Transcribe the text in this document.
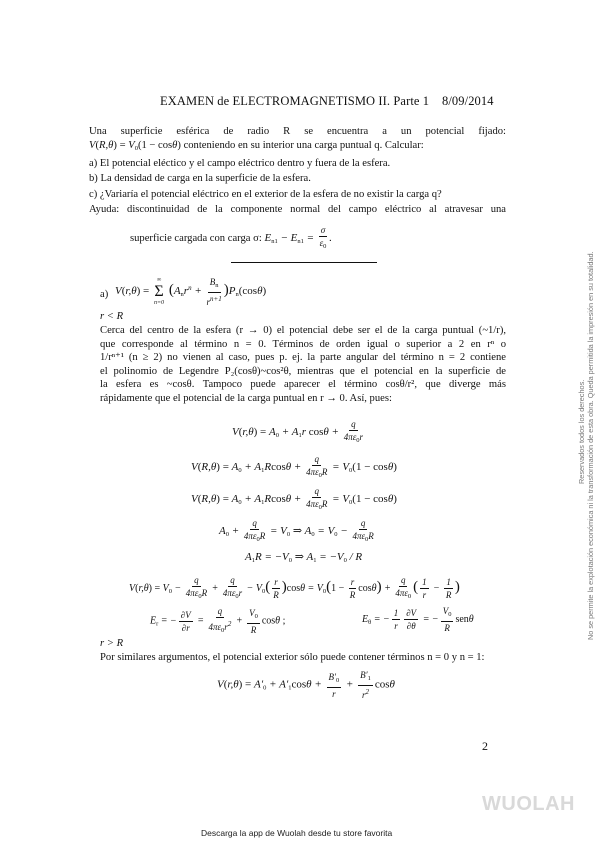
EXAMEN de ELECTROMAGNETISMO II. Parte 1 8/09/2014
Una superficie esférica de radio R se encuentra a un potencial fijado:
$V(R,\theta) = V_0(1 - \cos\theta)$ conteniendo en su interior una carga puntual q. Calcular:
a) El potencial eléctico y el campo eléctrico dentro y fuera de la esfera.
b) La densidad de carga en la superficie de la esfera.
c) ¿Variaría el potencial eléctrico en el exterior de la esfera de no existir la carga q?
Ayuda: discontinuidad de la componente normal del campo eléctrico al atravesar una
superficie cargada con carga σ: $E_{n1} - E_{n1} = \frac{\sigma}{\varepsilon_0}$ .
a) V(r,θ) =
∞
Σ
n=0
$(A_nr^n + \frac{B_n}{r^{n+1}} )P_n(\cos\theta)$
r < R
Cerca del centro de la esfera (r → 0) el potencial debe ser el de la carga puntual (~1/r),
que corresponde al término n = 0. Términos de orden igual o superior a 2 en rⁿ o
1/rⁿ⁺¹ (n ≥ 2) no vienen al caso, pues p. ej. la parte angular del término n = 2 contiene
el polinomio de Legendre P₂(cosθ)~cos²θ, mientras que el potencial en la superficie de
la esfera es ~cosθ. Tampoco puede aparecer el término cosθ/r², que diverge más
rápidamente que el potencial de la carga puntual en r → 0. Así, pues:
$V(r,\theta) = A_0 + A_1r$ $\cos\theta + \frac{q}{4\pi\varepsilon_0r}$
$V(R,\theta) = A_0 + A_1Rcos\theta + \frac{q}{4\pi\varepsilon_0R} = V_0(1 - \cos\theta)$
$V(R,\theta) = A_0 + A_1Rcos\theta + \frac{q}{4\pi\varepsilon_0R} = V_0(1 - \cos\theta)$
$A_0 + \frac{q}{4\pi\varepsilon_0R} = V_0$ ⇒ $A_0 = V_0 - \frac{q}{4\pi\varepsilon_0R}$
$A_1R = -V_0$ ⇒ $A_1 = -V_0 / R$
$V(r,\theta) = V_0 - \frac{q}{4\pi\varepsilon_0R} + \frac{q}{4\pi\varepsilon_0r} - V_0( \frac{r}{R} )\cos\theta = V_0(1 - \frac{r}{R} \cos\theta) + \frac{q}{4\pi\varepsilon_0}$ ( $\frac{1}{r} - \frac{1}{R}$ )
$E_r$ = − $\frac{\partial V}{\partial r} = \frac{q}{4\pi\varepsilon_0r^2} + \frac{V_0}{R}$ cosθ ;	$E_\theta$ = − $\frac{1}{r} \frac{\partial V}{\partial\theta}$ = − $\frac{V_0}{R}$ senθ
r > R
Por similares argumentos, el potencial exterior sólo puede contener términos n = 0 y n = 1:
$V(r,\theta) = A'_0 + A'_1\cos\theta + \frac{B'_0}{r} + \frac{B'_1}{r^2}$ cosθ
2
Reservados todos los derechos. No se permite la explotación económica ni la transformación de esta obra. Queda permitida la impresión en su totalidad.
WUOLAH
Descarga la app de Wuolah desde tu store favorita
